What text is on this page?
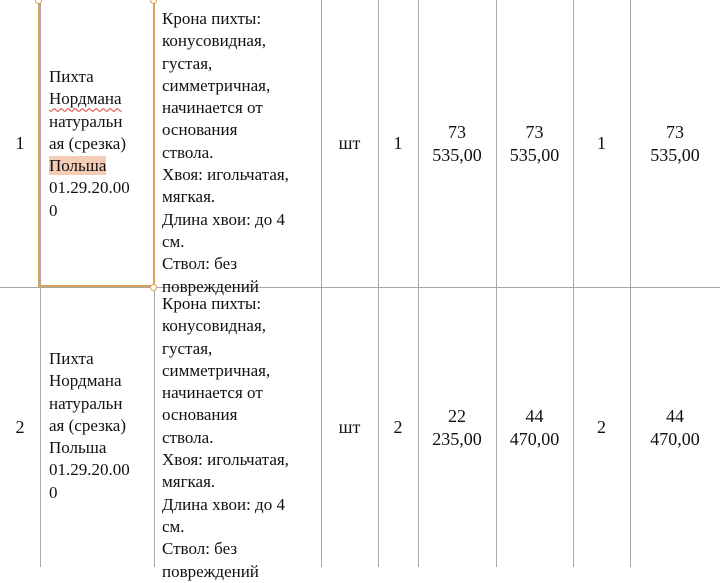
1
Пихта
Нордмана
натуральн
ая (срезка)
Польша
01.29.20.00
0
Крона пихты:
конусовидная,
густая,
симметричная,
начинается от
основания
ствола.
Хвоя: игольчатая,
мягкая.
Длина хвои: до 4
см.
Ствол: без
повреждений
шт 1
73
535,00
73
535,00
1
73
535,00
2
Пихта
Нордмана
натуральн
ая (срезка)
Польша
01.29.20.00
0
Крона пихты:
конусовидная,
густая,
симметричная,
начинается от
основания
ствола.
Хвоя: игольчатая,
мягкая.
Длина хвои: до 4
см.
Ствол: без
повреждений
шт 2
22
235,00
44
470,00
2
44
470,00
